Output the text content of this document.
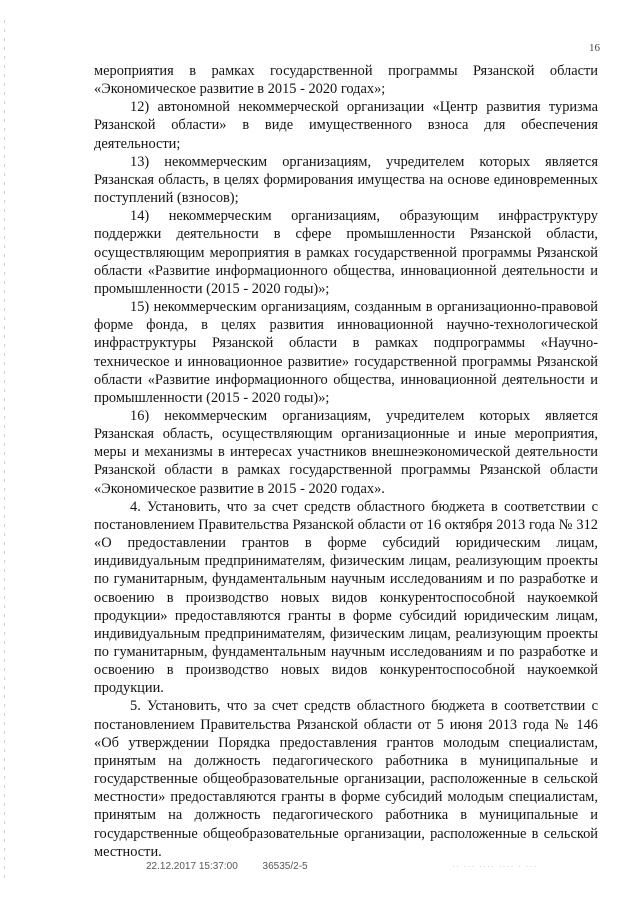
16

мероприятия в рамках государственной программы Рязанской области «Экономическое развитие в 2015 - 2020 годах»;

12) автономной некоммерческой организации «Центр развития туризма Рязанской области» в виде имущественного взноса для обеспечения деятельности;

13) некоммерческим организациям, учредителем которых является Рязанская область, в целях формирования имущества на основе единовременных поступлений (взносов);

14) некоммерческим организациям, образующим инфраструктуру поддержки деятельности в сфере промышленности Рязанской области, осуществляющим мероприятия в рамках государственной программы Рязанской области «Развитие информационного общества, инновационной деятельности и промышленности (2015 - 2020 годы)»;

15) некоммерческим организациям, созданным в организационно-правовой форме фонда, в целях развития инновационной научно-технологической инфраструктуры Рязанской области в рамках подпрограммы «Научно-техническое и инновационное развитие» государственной программы Рязанской области «Развитие информационного общества, инновационной деятельности и промышленности (2015 - 2020 годы)»;

16) некоммерческим организациям, учредителем которых является Рязанская область, осуществляющим организационные и иные мероприятия, меры и механизмы в интересах участников внешнеэкономической деятельности Рязанской области в рамках государственной программы Рязанской области «Экономическое развитие в 2015 - 2020 годах».

4. Установить, что за счет средств областного бюджета в соответствии с постановлением Правительства Рязанской области от 16 октября 2013 года № 312 «О предоставлении грантов в форме субсидий юридическим лицам, индивидуальным предпринимателям, физическим лицам, реализующим проекты по гуманитарным, фундаментальным научным исследованиям и по разработке и освоению в производство новых видов конкурентоспособной наукоемкой продукции» предоставляются гранты в форме субсидий юридическим лицам, индивидуальным предпринимателям, физическим лицам, реализующим проекты по гуманитарным, фундаментальным научным исследованиям и по разработке и освоению в производство новых видов конкурентоспособной наукоемкой продукции.

5. Установить, что за счет средств областного бюджета в соответствии с постановлением Правительства Рязанской области от 5 июня 2013 года № 146 «Об утверждении Порядка предоставления грантов молодым специалистам, принятым на должность педагогического работника в муниципальные и государственные общеобразовательные организации, расположенные в сельской местности» предоставляются гранты в форме субсидий молодым специалистам, принятым на должность педагогического работника в муниципальные и государственные общеобразовательные организации, расположенные в сельской местности.

22.12.2017 15:37:00 36535/2-5	·· ··· ···· ···· · ···
